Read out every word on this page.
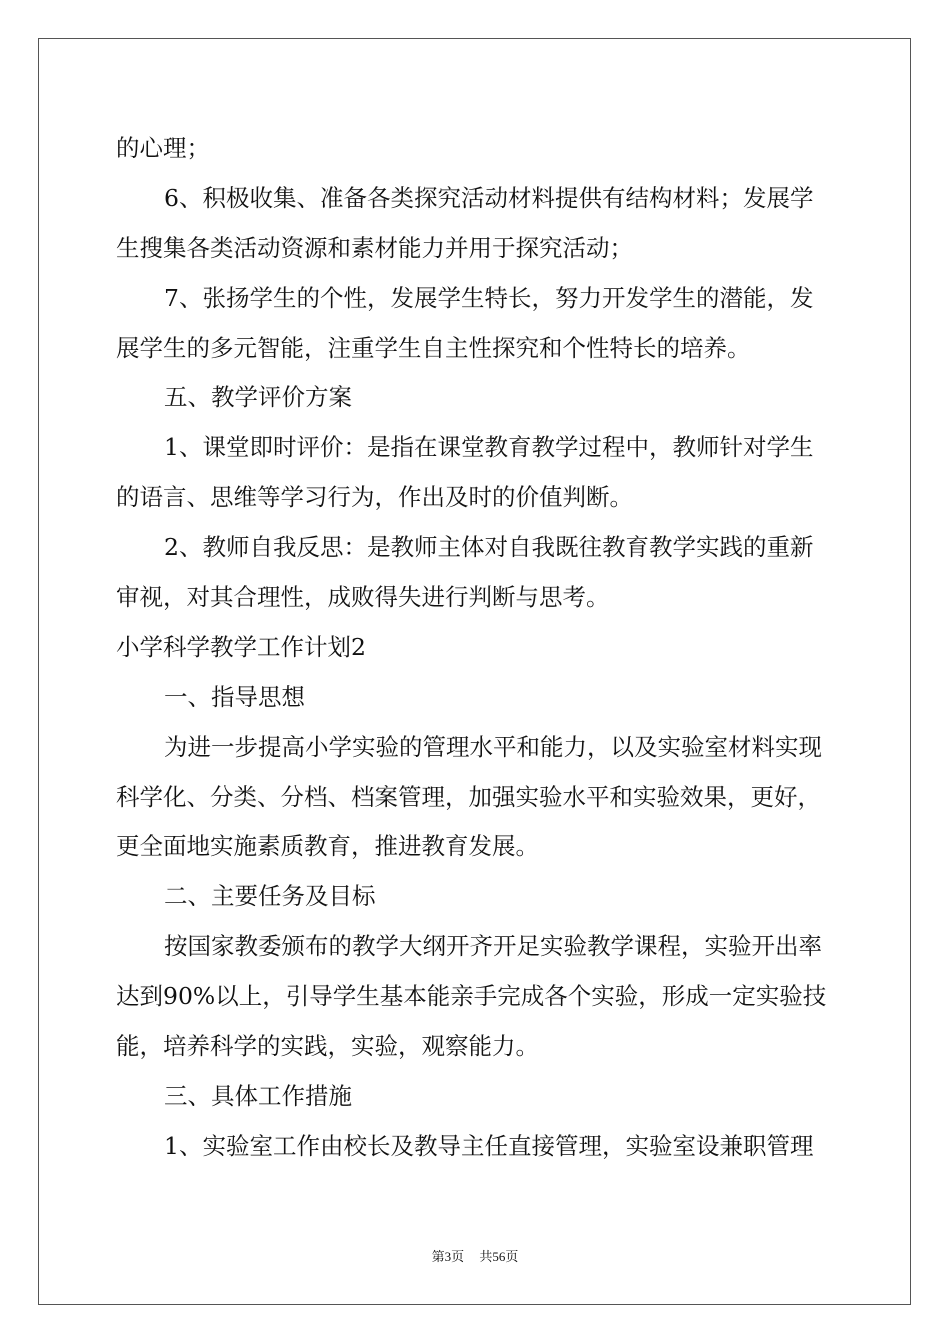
的心理；
6、积极收集、准备各类探究活动材料提供有结构材料；发展学
生搜集各类活动资源和素材能力并用于探究活动；
7、张扬学生的个性，发展学生特长，努力开发学生的潜能，发
展学生的多元智能，注重学生自主性探究和个性特长的培养。
五、教学评价方案
1、课堂即时评价：是指在课堂教育教学过程中，教师针对学生
的语言、思维等学习行为，作出及时的价值判断。
2、教师自我反思：是教师主体对自我既往教育教学实践的重新
审视，对其合理性，成败得失进行判断与思考。
小学科学教学工作计划2
一、指导思想
为进一步提高小学实验的管理水平和能力，以及实验室材料实现
科学化、分类、分档、档案管理，加强实验水平和实验效果，更好，
更全面地实施素质教育，推进教育发展。
二、主要任务及目标
按国家教委颁布的教学大纲开齐开足实验教学课程，实验开出率
达到90%以上，引导学生基本能亲手完成各个实验，形成一定实验技
能，培养科学的实践，实验，观察能力。
三、具体工作措施
1、实验室工作由校长及教导主任直接管理，实验室设兼职管理
第3页 共56页
